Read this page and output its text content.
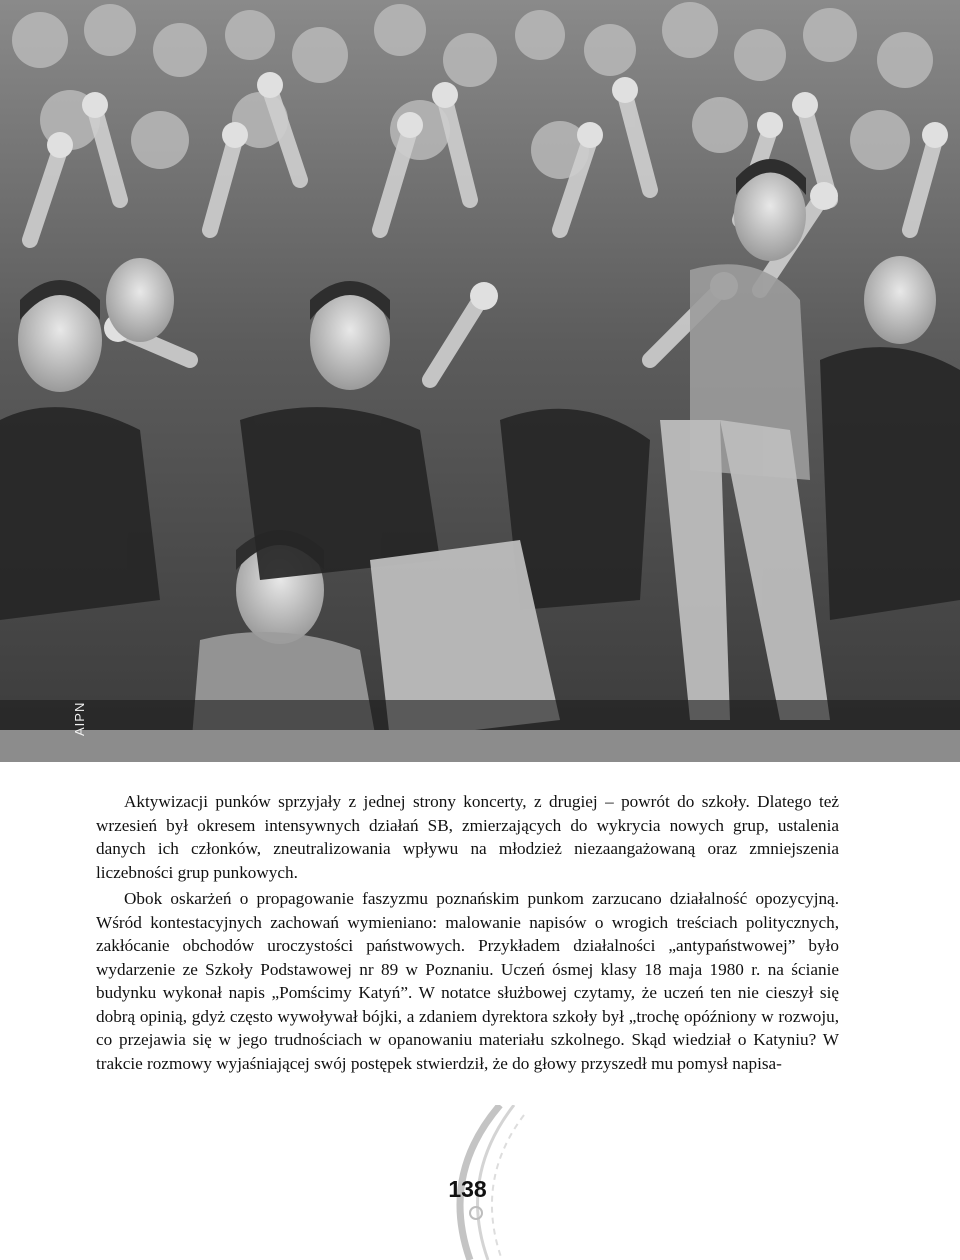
AIPN

Aktywizacji punków sprzyjały z jednej strony koncerty, z drugiej – powrót do szkoły. Dlatego też wrzesień był okresem intensywnych działań SB, zmierzających do wykrycia nowych grup, ustalenia danych ich członków, zneutralizowania wpływu na młodzież niezaangażowaną oraz zmniejszenia liczebności grup punkowych.

Obok oskarżeń o propagowanie faszyzmu poznańskim punkom zarzucano działalność opozycyjną. Wśród kontestacyjnych zachowań wymieniano: malowanie napisów o wrogich treściach politycznych, zakłócanie obchodów uroczystości państwowych. Przykładem działalności „antypaństwowej” było wydarzenie ze Szkoły Podstawowej nr 89 w Poznaniu. Uczeń ósmej klasy 18 maja 1980 r. na ścianie budynku wykonał napis „Pomścimy Katyń”. W notatce służbowej czytamy, że uczeń ten nie cieszył się dobrą opinią, gdyż często wywoływał bójki, a zdaniem dyrektora szkoły był „trochę opóźniony w rozwoju, co przejawia się w jego trudnościach w opanowaniu materiału szkolnego. Skąd wiedział o Katyniu? W trakcie rozmowy wyjaśniającej swój postępek stwierdził, że do głowy przyszedł mu pomysł napisa-

138
